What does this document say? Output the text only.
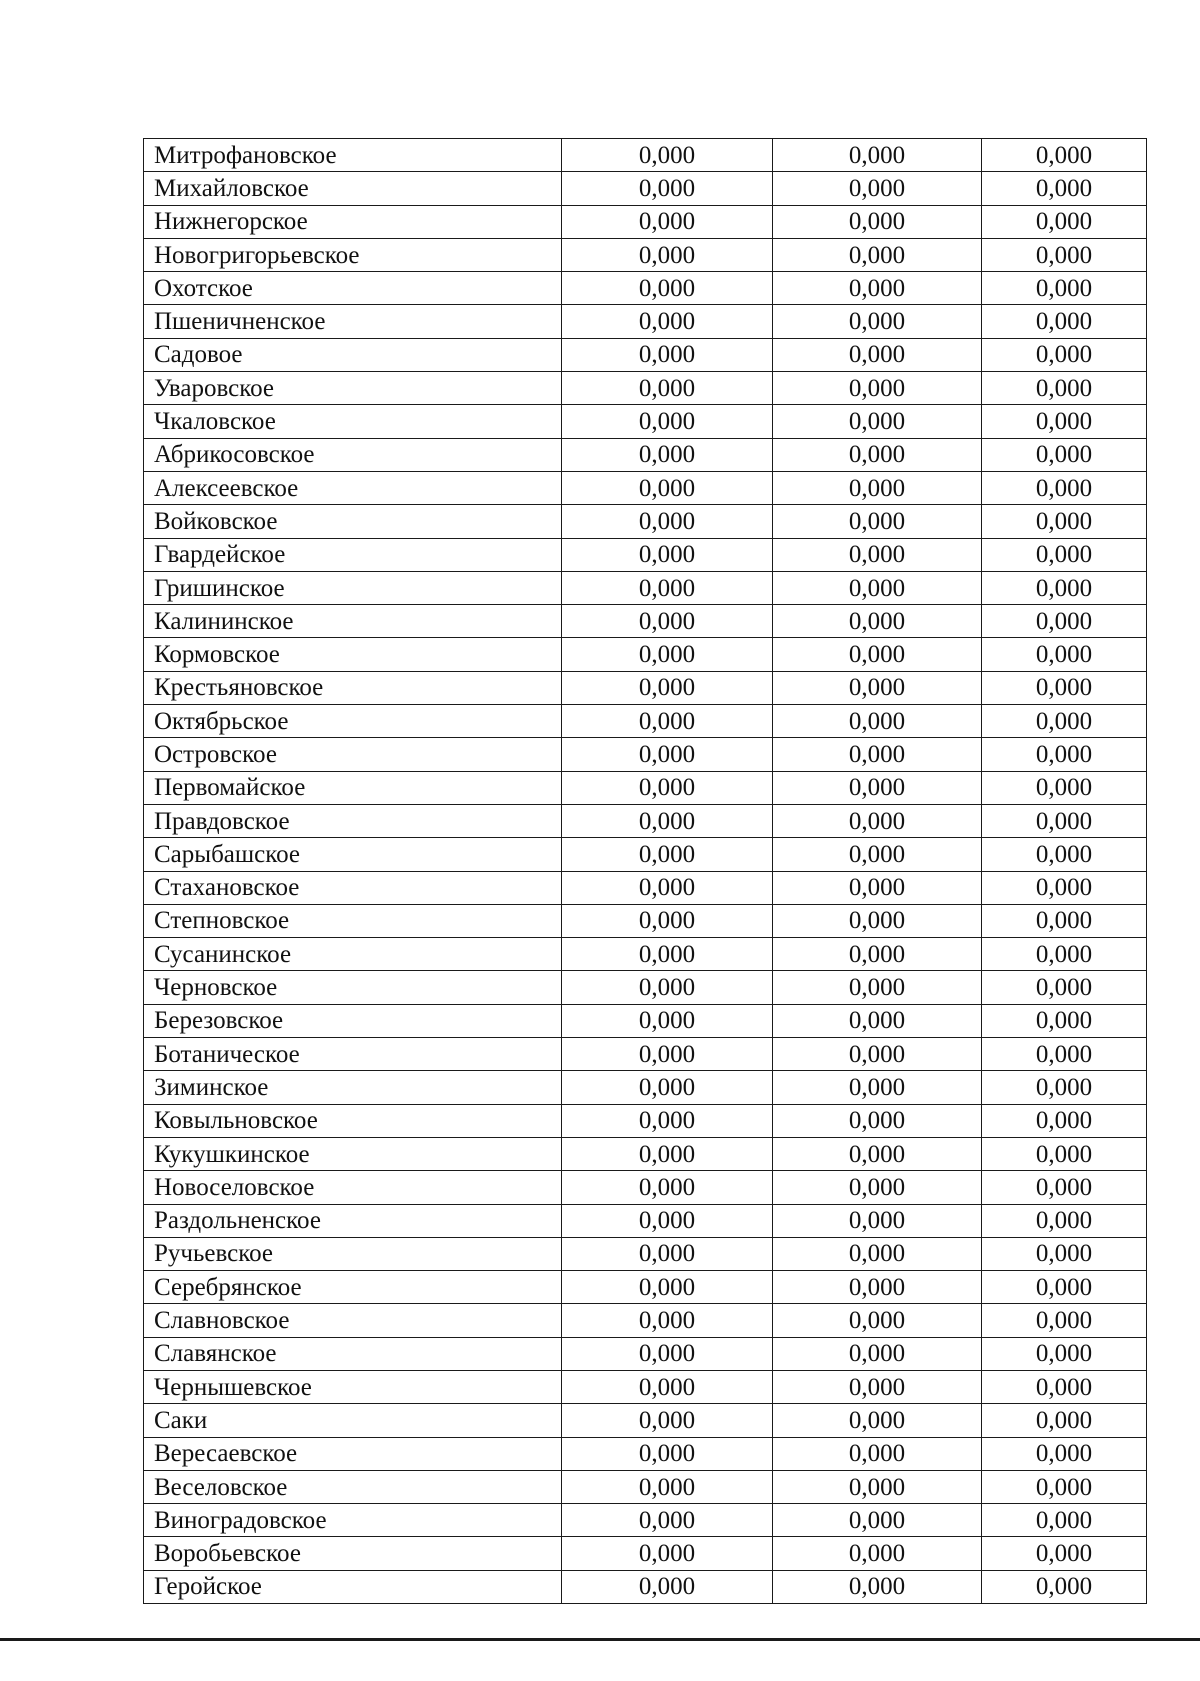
Митрофановское	0,000	0,000	0,000
Михайловское	0,000	0,000	0,000
Нижнегорское	0,000	0,000	0,000
Новогригорьевское	0,000	0,000	0,000
Охотское	0,000	0,000	0,000
Пшеничненское	0,000	0,000	0,000
Садовое	0,000	0,000	0,000
Уваровское	0,000	0,000	0,000
Чкаловское	0,000	0,000	0,000
Абрикосовское	0,000	0,000	0,000
Алексеевское	0,000	0,000	0,000
Войковское	0,000	0,000	0,000
Гвардейское	0,000	0,000	0,000
Гришинское	0,000	0,000	0,000
Калининское	0,000	0,000	0,000
Кормовское	0,000	0,000	0,000
Крестьяновское	0,000	0,000	0,000
Октябрьское	0,000	0,000	0,000
Островское	0,000	0,000	0,000
Первомайское	0,000	0,000	0,000
Правдовское	0,000	0,000	0,000
Сарыбашское	0,000	0,000	0,000
Стахановское	0,000	0,000	0,000
Степновское	0,000	0,000	0,000
Сусанинское	0,000	0,000	0,000
Черновское	0,000	0,000	0,000
Березовское	0,000	0,000	0,000
Ботаническое	0,000	0,000	0,000
Зиминское	0,000	0,000	0,000
Ковыльновское	0,000	0,000	0,000
Кукушкинское	0,000	0,000	0,000
Новоселовское	0,000	0,000	0,000
Раздольненское	0,000	0,000	0,000
Ручьевское	0,000	0,000	0,000
Серебрянское	0,000	0,000	0,000
Славновское	0,000	0,000	0,000
Славянское	0,000	0,000	0,000
Чернышевское	0,000	0,000	0,000
Саки	0,000	0,000	0,000
Вересаевское	0,000	0,000	0,000
Веселовское	0,000	0,000	0,000
Виноградовское	0,000	0,000	0,000
Воробьевское	0,000	0,000	0,000
Геройское	0,000	0,000	0,000
